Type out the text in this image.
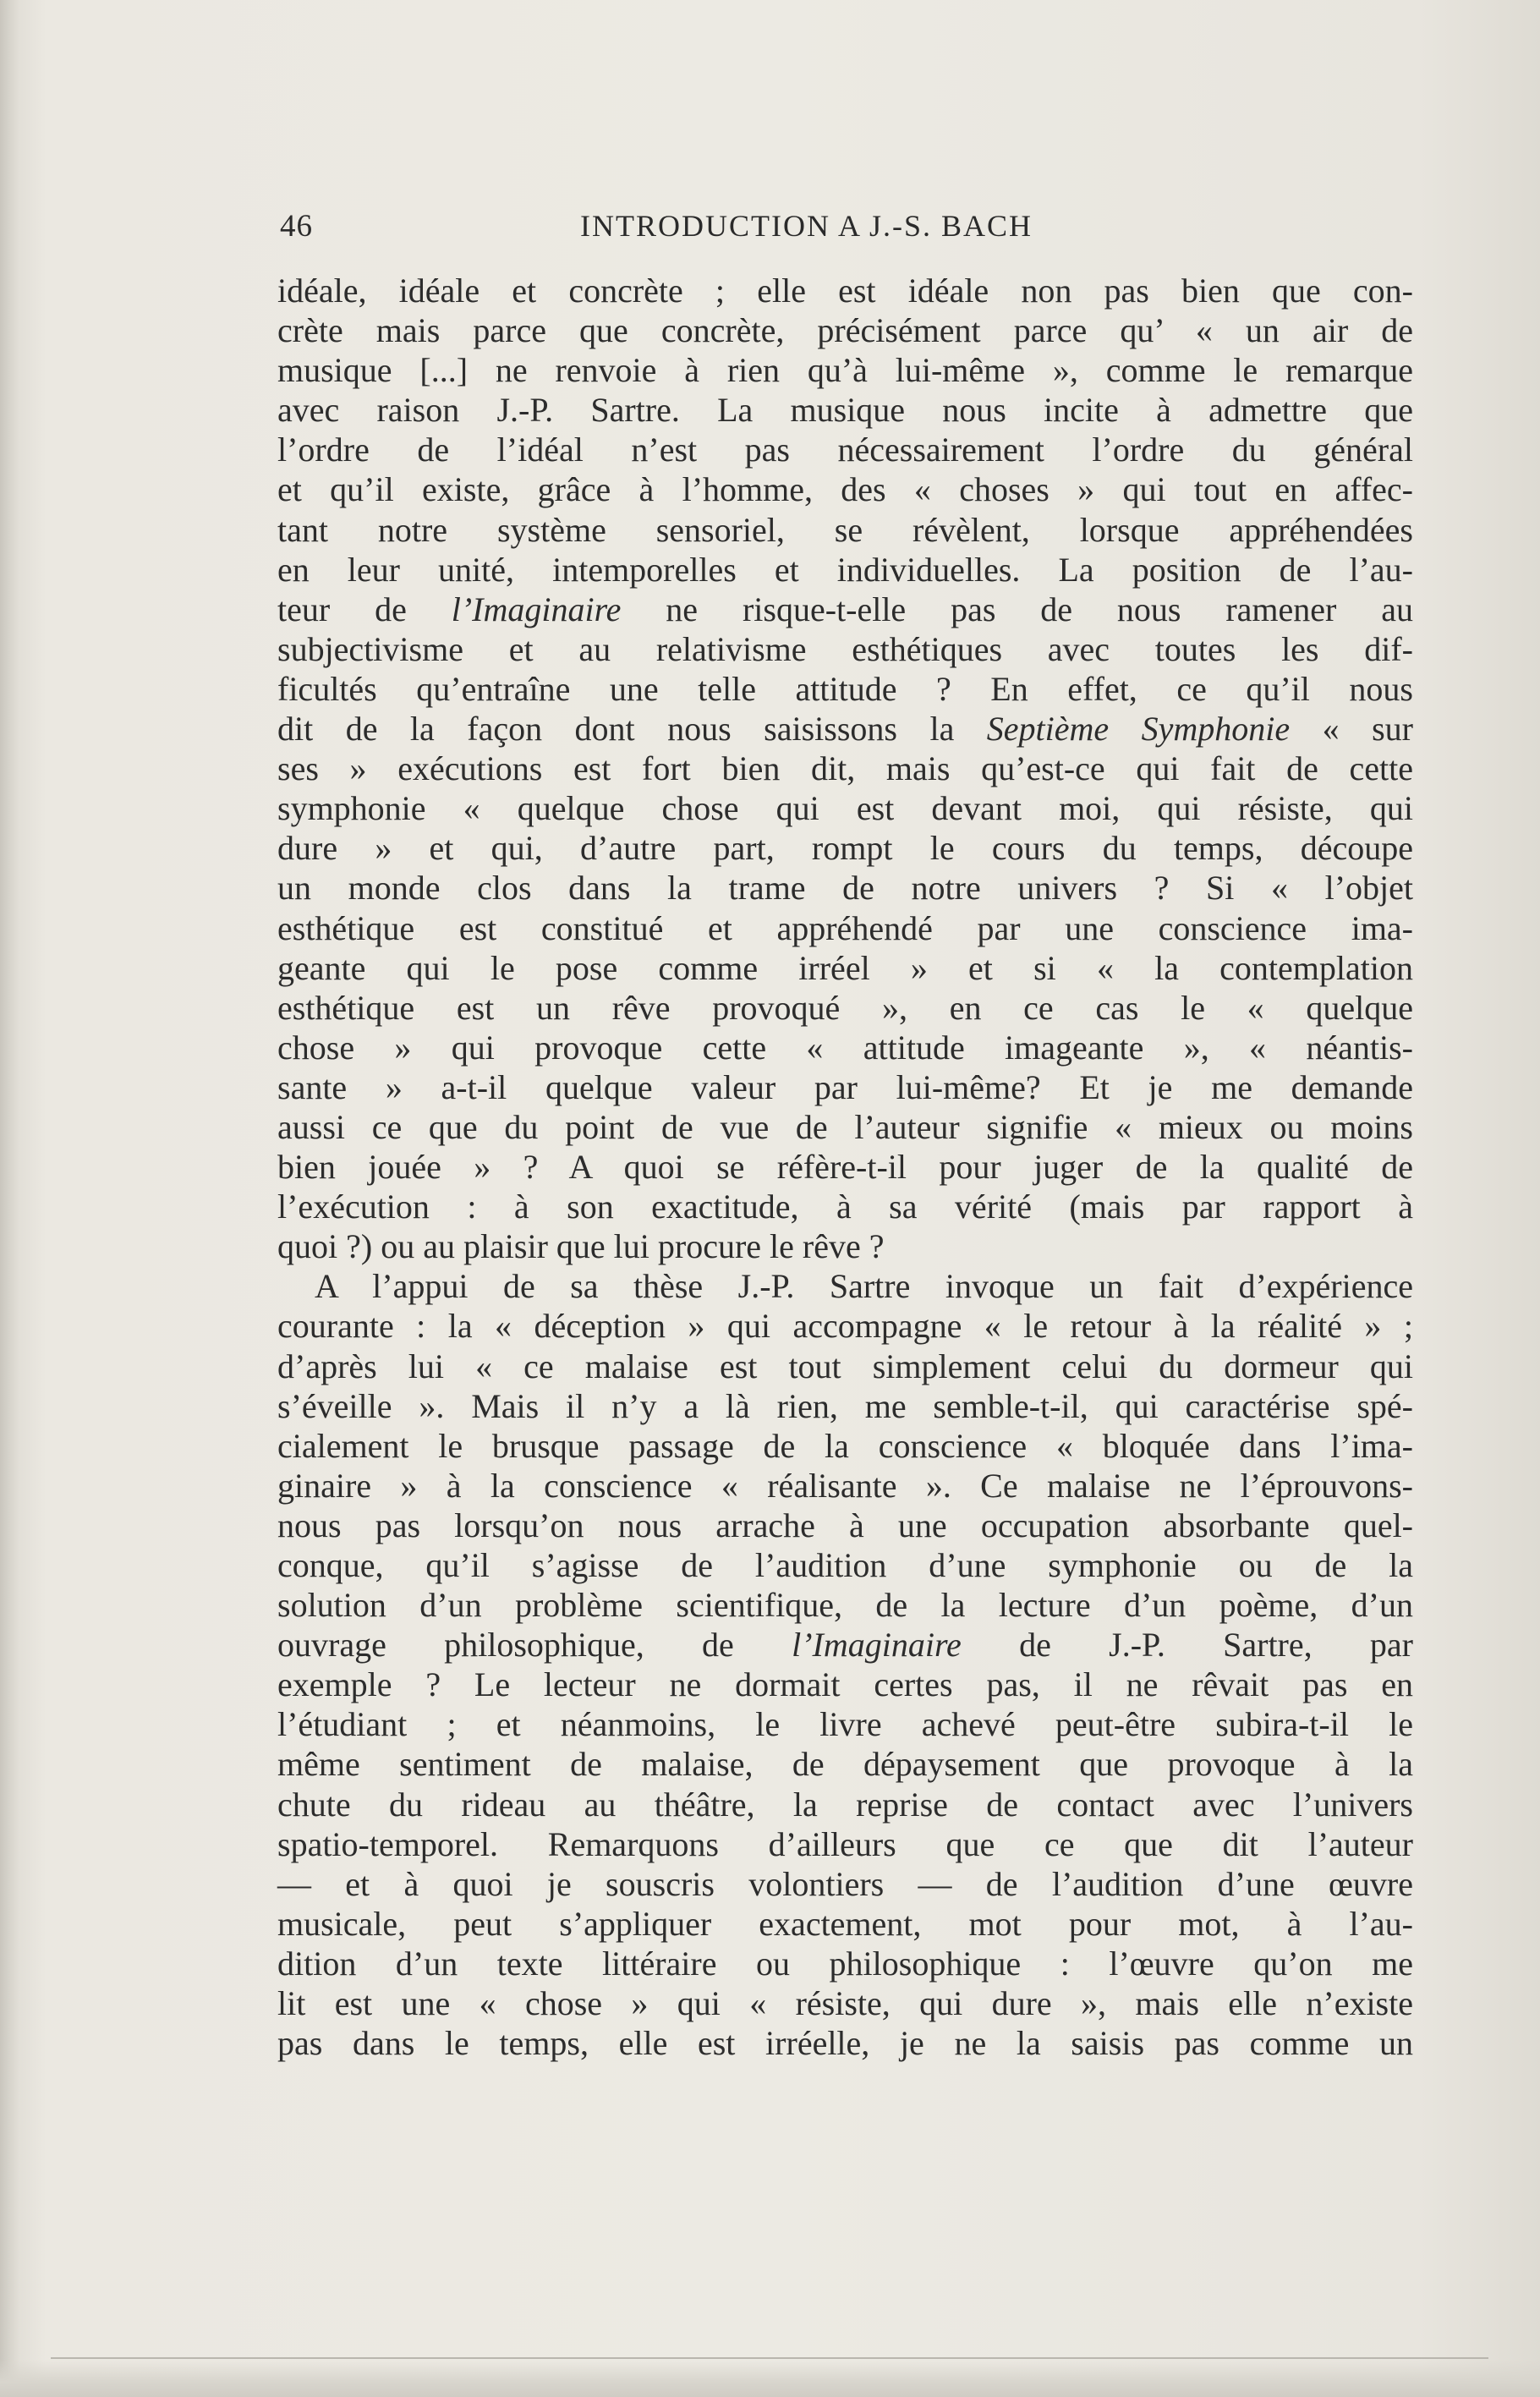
46	INTRODUCTION A J.-S. BACH
idéale, idéale et concrète ; elle est idéale non pas bien que con-
crète mais parce que concrète, précisément parce qu’ « un air de
musique [...] ne renvoie à rien qu’à lui-même », comme le remarque
avec raison J.-P. Sartre. La musique nous incite à admettre que
l’ordre de l’idéal n’est pas nécessairement l’ordre du général
et qu’il existe, grâce à l’homme, des « choses » qui tout en affec-
tant notre système sensoriel, se révèlent, lorsque appréhendées
en leur unité, intemporelles et individuelles. La position de l’au-
teur de l’Imaginaire ne risque-t-elle pas de nous ramener au
subjectivisme et au relativisme esthétiques avec toutes les dif-
ficultés qu’entraîne une telle attitude ? En effet, ce qu’il nous
dit de la façon dont nous saisissons la Septième Symphonie « sur
ses » exécutions est fort bien dit, mais qu’est-ce qui fait de cette
symphonie « quelque chose qui est devant moi, qui résiste, qui
dure » et qui, d’autre part, rompt le cours du temps, découpe
un monde clos dans la trame de notre univers ? Si « l’objet
esthétique est constitué et appréhendé par une conscience ima-
geante qui le pose comme irréel » et si « la contemplation
esthétique est un rêve provoqué », en ce cas le « quelque
chose » qui provoque cette « attitude imageante », « néantis-
sante » a-t-il quelque valeur par lui-même? Et je me demande
aussi ce que du point de vue de l’auteur signifie « mieux ou moins
bien jouée » ? A quoi se réfère-t-il pour juger de la qualité de
l’exécution : à son exactitude, à sa vérité (mais par rapport à
quoi ?) ou au plaisir que lui procure le rêve ?
A l’appui de sa thèse J.-P. Sartre invoque un fait d’expérience
courante : la « déception » qui accompagne « le retour à la réalité » ;
d’après lui « ce malaise est tout simplement celui du dormeur qui
s’éveille ». Mais il n’y a là rien, me semble-t-il, qui caractérise spé-
cialement le brusque passage de la conscience « bloquée dans l’ima-
ginaire » à la conscience « réalisante ». Ce malaise ne l’éprouvons-
nous pas lorsqu’on nous arrache à une occupation absorbante quel-
conque, qu’il s’agisse de l’audition d’une symphonie ou de la
solution d’un problème scientifique, de la lecture d’un poème, d’un
ouvrage philosophique, de l’Imaginaire de J.-P. Sartre, par
exemple ? Le lecteur ne dormait certes pas, il ne rêvait pas en
l’étudiant ; et néanmoins, le livre achevé peut-être subira-t-il le
même sentiment de malaise, de dépaysement que provoque à la
chute du rideau au théâtre, la reprise de contact avec l’univers
spatio-temporel. Remarquons d’ailleurs que ce que dit l’auteur
— et à quoi je souscris volontiers — de l’audition d’une œuvre
musicale, peut s’appliquer exactement, mot pour mot, à l’au-
dition d’un texte littéraire ou philosophique : l’œuvre qu’on me
lit est une « chose » qui « résiste, qui dure », mais elle n’existe
pas dans le temps, elle est irréelle, je ne la saisis pas comme un
